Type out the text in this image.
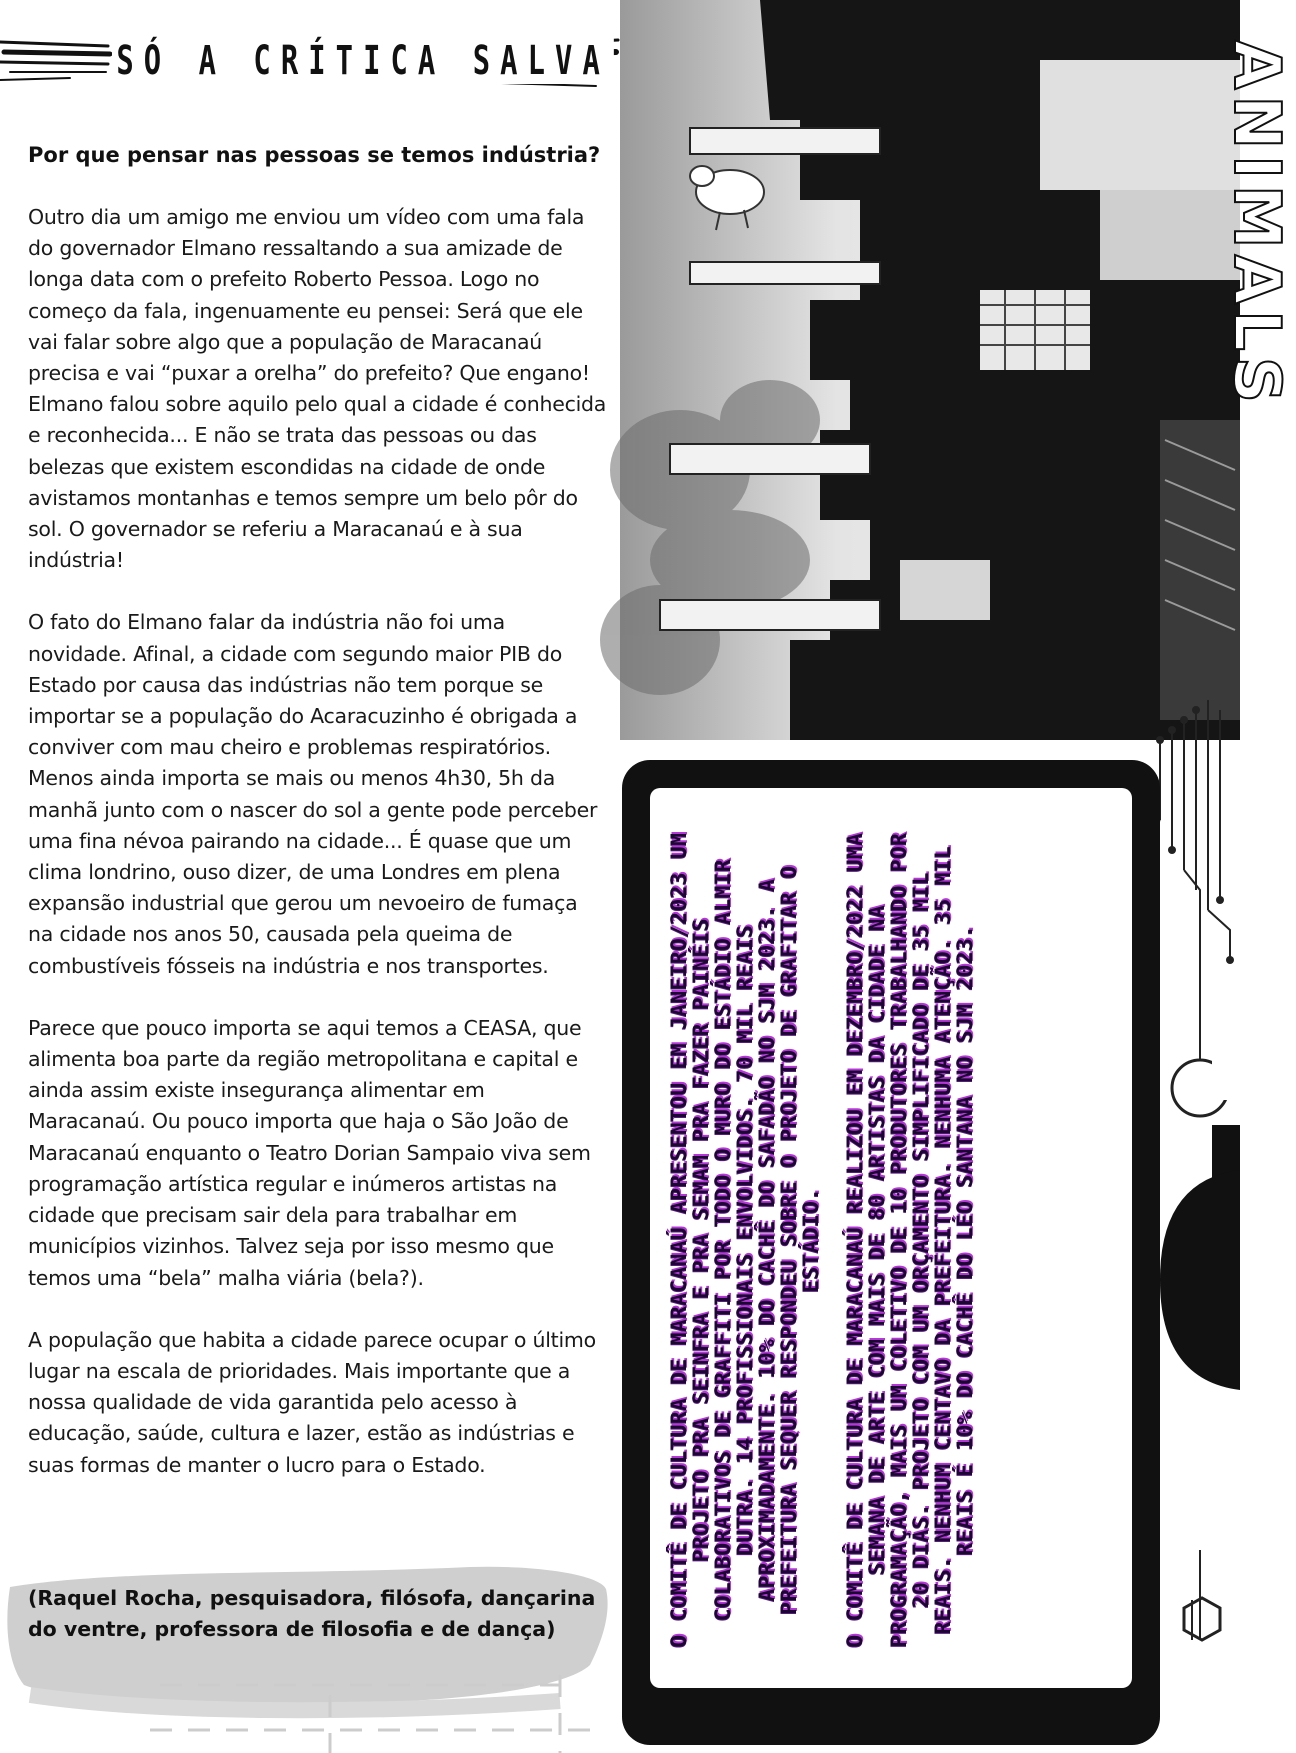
SÓ A CRÍTICA SALVA
Por que pensar nas pessoas se temos indústria?

Outro dia um amigo me enviou um vídeo com uma fala do governador Elmano ressaltando a sua amizade de longa data com o prefeito Roberto Pessoa. Logo no começo da fala, ingenuamente eu pensei: Será que ele vai falar sobre algo que a população de Maracanaú precisa e vai “puxar a orelha” do prefeito? Que engano! Elmano falou sobre aquilo pelo qual a cidade é conhecida e reconhecida... E não se trata das pessoas ou das belezas que existem escondidas na cidade de onde avistamos montanhas e temos sempre um belo pôr do sol. O governador se referiu a Maracanaú e à sua indústria!

O fato do Elmano falar da indústria não foi uma novidade. Afinal, a cidade com segundo maior PIB do Estado por causa das indústrias não tem porque se importar se a população do Acaracuzinho é obrigada a conviver com mau cheiro e problemas respiratórios. Menos ainda importa se mais ou menos 4h30, 5h da manhã junto com o nascer do sol a gente pode perceber uma fina névoa pairando na cidade... É quase que um clima londrino, ouso dizer, de uma Londres em plena expansão industrial que gerou um nevoeiro de fumaça na cidade nos anos 50, causada pela queima de combustíveis fósseis na indústria e nos transportes.

Parece que pouco importa se aqui temos a CEASA, que alimenta boa parte da região metropolitana e capital e ainda assim existe insegurança alimentar em Maracanaú. Ou pouco importa que haja o São João de Maracanaú enquanto o Teatro Dorian Sampaio viva sem programação artística regular e inúmeros artistas na cidade que precisam sair dela para trabalhar em municípios vizinhos. Talvez seja por isso mesmo que temos uma “bela” malha viária (bela?).

A população que habita a cidade parece ocupar o último lugar na escala de prioridades. Mais importante que a nossa qualidade de vida garantida pelo acesso à educação, saúde, cultura e lazer, estão as indústrias e suas formas de manter o lucro para o Estado.

(Raquel Rocha, pesquisadora, filósofa, dançarina do ventre, professora de filosofia e de dança)
ANIMALS

O COMITÊ DE CULTURA DE MARACANAÚ APRESENTOU EM JANEIRO/2023 UM PROJETO PRA SEINFRA E PRA SEMAM PRA FAZER PAINÉIS COLABORATIVOS DE GRAFFITI POR TODO O MURO DO ESTÁDIO ALMIR DUTRA. 14 PROFISSIONAIS ENVOLVIDOS. 70 MIL REAIS APROXIMADAMENTE. 10% DO CACHÊ DO SAFADÃO NO SJM 2023. A PREFEITURA SEQUER RESPONDEU SOBRE O PROJETO DE GRAFITAR O ESTÁDIO. O COMITÊ DE CULTURA DE MARACANAÚ REALIZOU EM DEZEMBRO/2022 UMA SEMANA DE ARTE COM MAIS DE 80 ARTISTAS DA CIDADE NA PROGRAMAÇÃO, MAIS UM COLETIVO DE 10 PRODUTORES TRABALHANDO POR 20 DIAS. PROJETO COM UM ORÇAMENTO SIMPLIFICADO DE 35 MIL REAIS. NENHUM CENTAVO DA PREFEITURA. NENHUMA ATENÇÃO. 35 MIL REAIS É 10% DO CACHÊ DO LÉO SANTANA NO SJM 2023.
